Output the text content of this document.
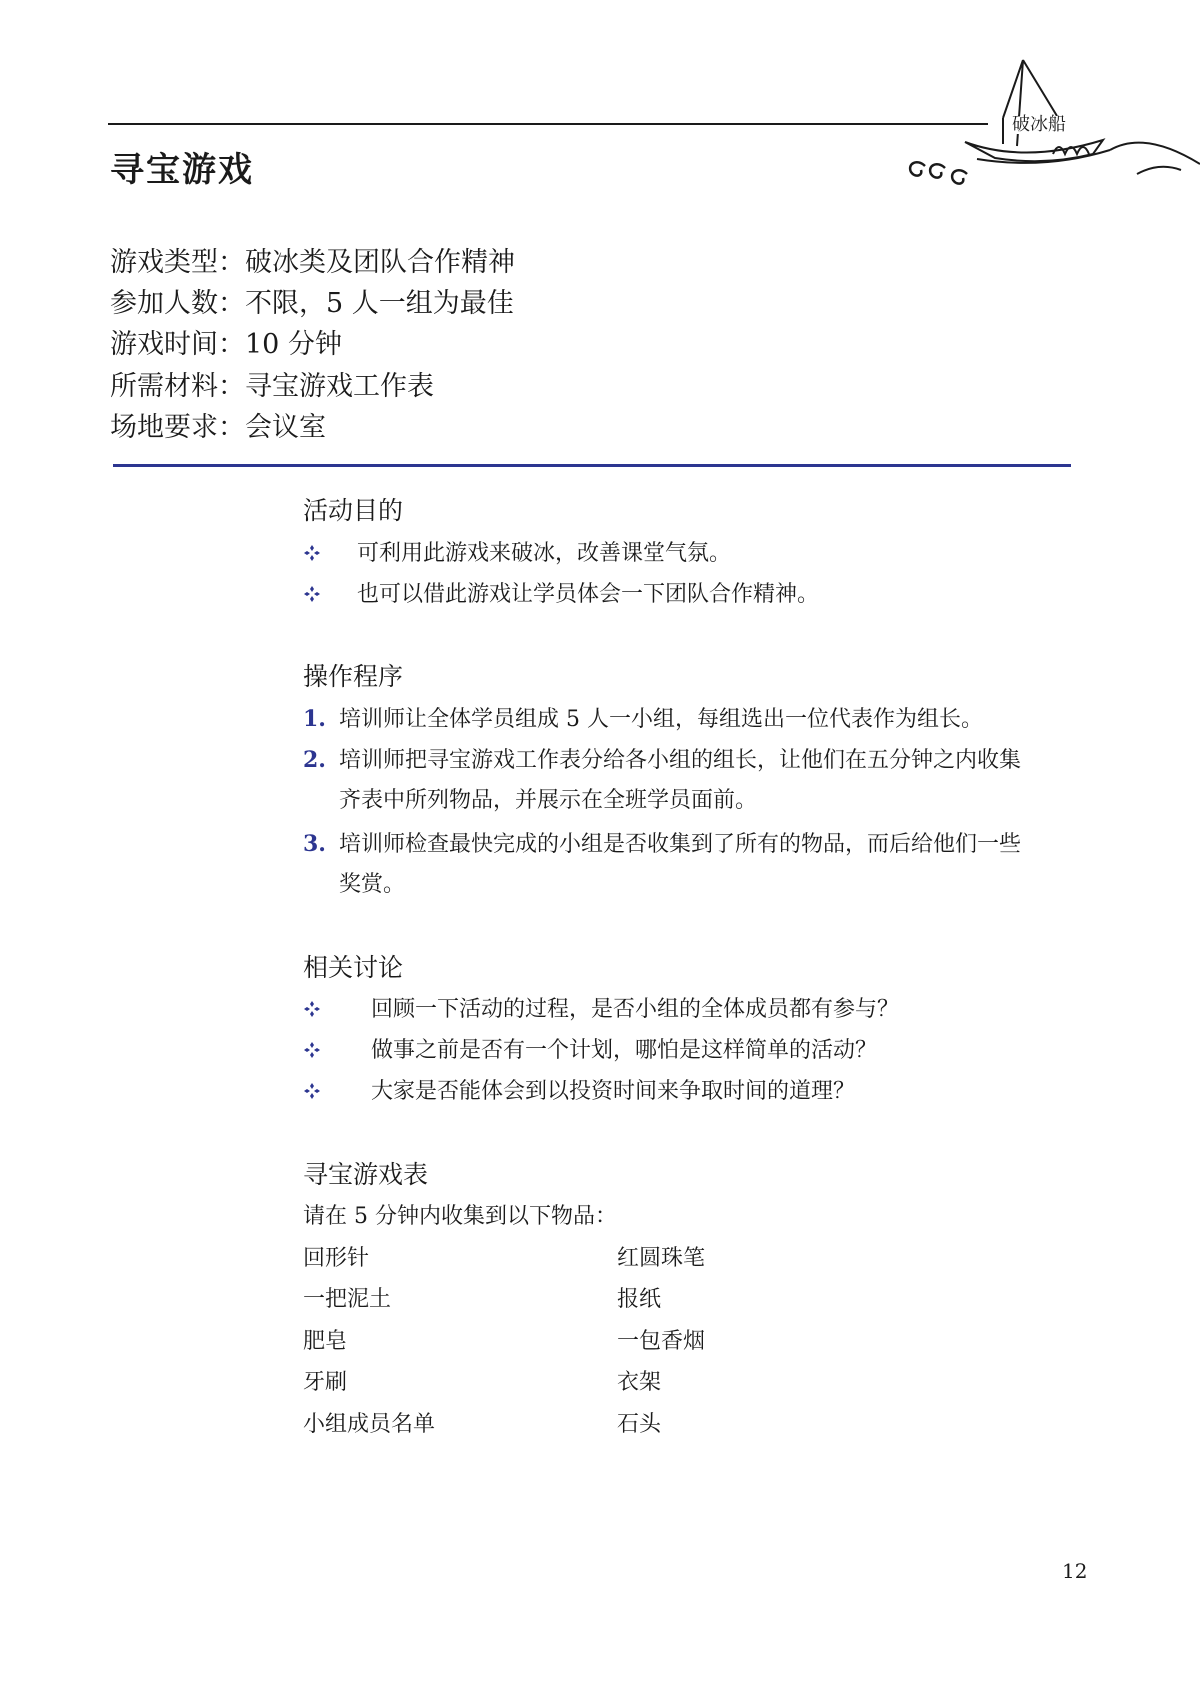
寻宝游戏
破冰船
游戏类型：破冰类及团队合作精神
参加人数：不限，5 人一组为最佳
游戏时间：10 分钟
所需材料：寻宝游戏工作表
场地要求：会议室
活动目的
可利用此游戏来破冰，改善课堂气氛。
也可以借此游戏让学员体会一下团队合作精神。
操作程序
1. 培训师让全体学员组成 5 人一小组，每组选出一位代表作为组长。
2. 培训师把寻宝游戏工作表分给各小组的组长，让他们在五分钟之内收集
齐表中所列物品，并展示在全班学员面前。
3. 培训师检查最快完成的小组是否收集到了所有的物品，而后给他们一些
奖赏。
相关讨论
回顾一下活动的过程，是否小组的全体成员都有参与？
做事之前是否有一个计划，哪怕是这样简单的活动？
大家是否能体会到以投资时间来争取时间的道理？
寻宝游戏表
请在 5 分钟内收集到以下物品：
回形针	红圆珠笔
一把泥土	报纸
肥皂	一包香烟
牙刷	衣架
小组成员名单	石头
12
